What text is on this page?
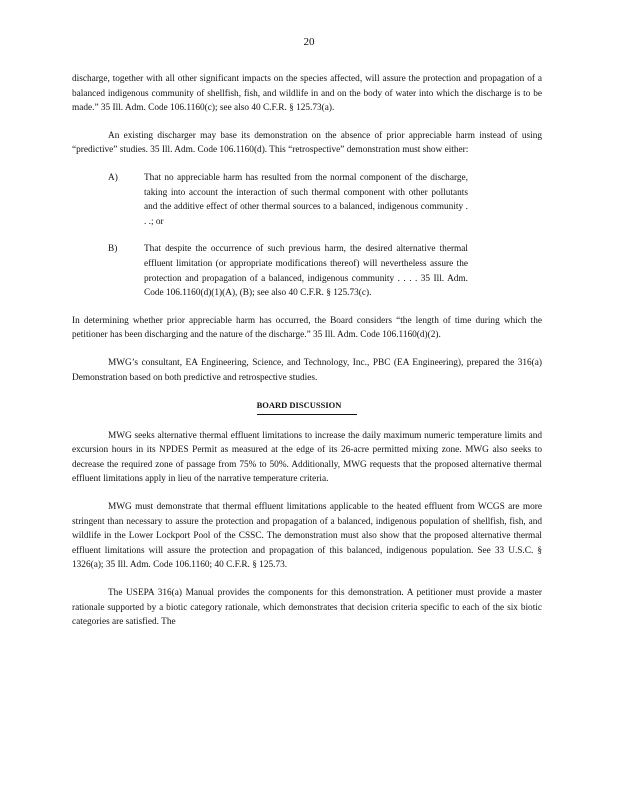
20

discharge, together with all other significant impacts on the species affected, will assure the protection and propagation of a balanced indigenous community of shellfish, fish, and wildlife in and on the body of water into which the discharge is to be made.” 35 Ill. Adm. Code 106.1160(c); see also 40 C.F.R. § 125.73(a).

An existing discharger may base its demonstration on the absence of prior appreciable harm instead of using “predictive” studies. 35 Ill. Adm. Code 106.1160(d). This “retrospective” demonstration must show either:

A)	That no appreciable harm has resulted from the normal component of the discharge, taking into account the interaction of such thermal component with other pollutants and the additive effect of other thermal sources to a balanced, indigenous community . . .; or
B)	That despite the occurrence of such previous harm, the desired alternative thermal effluent limitation (or appropriate modifications thereof) will nevertheless assure the protection and propagation of a balanced, indigenous community . . . . 35 Ill. Adm. Code 106.1160(d)(1)(A), (B); see also 40 C.F.R. § 125.73(c).

In determining whether prior appreciable harm has occurred, the Board considers “the length of time during which the petitioner has been discharging and the nature of the discharge.” 35 Ill. Adm. Code 106.1160(d)(2).

MWG’s consultant, EA Engineering, Science, and Technology, Inc., PBC (EA Engineering), prepared the 316(a) Demonstration based on both predictive and retrospective studies.

BOARD DISCUSSION

MWG seeks alternative thermal effluent limitations to increase the daily maximum numeric temperature limits and excursion hours in its NPDES Permit as measured at the edge of its 26-acre permitted mixing zone. MWG also seeks to decrease the required zone of passage from 75% to 50%. Additionally, MWG requests that the proposed alternative thermal effluent limitations apply in lieu of the narrative temperature criteria.

MWG must demonstrate that thermal effluent limitations applicable to the heated effluent from WCGS are more stringent than necessary to assure the protection and propagation of a balanced, indigenous population of shellfish, fish, and wildlife in the Lower Lockport Pool of the CSSC. The demonstration must also show that the proposed alternative thermal effluent limitations will assure the protection and propagation of this balanced, indigenous population. See 33 U.S.C. § 1326(a); 35 Ill. Adm. Code 106.1160; 40 C.F.R. § 125.73.

The USEPA 316(a) Manual provides the components for this demonstration. A petitioner must provide a master rationale supported by a biotic category rationale, which demonstrates that decision criteria specific to each of the six biotic categories are satisfied. The
